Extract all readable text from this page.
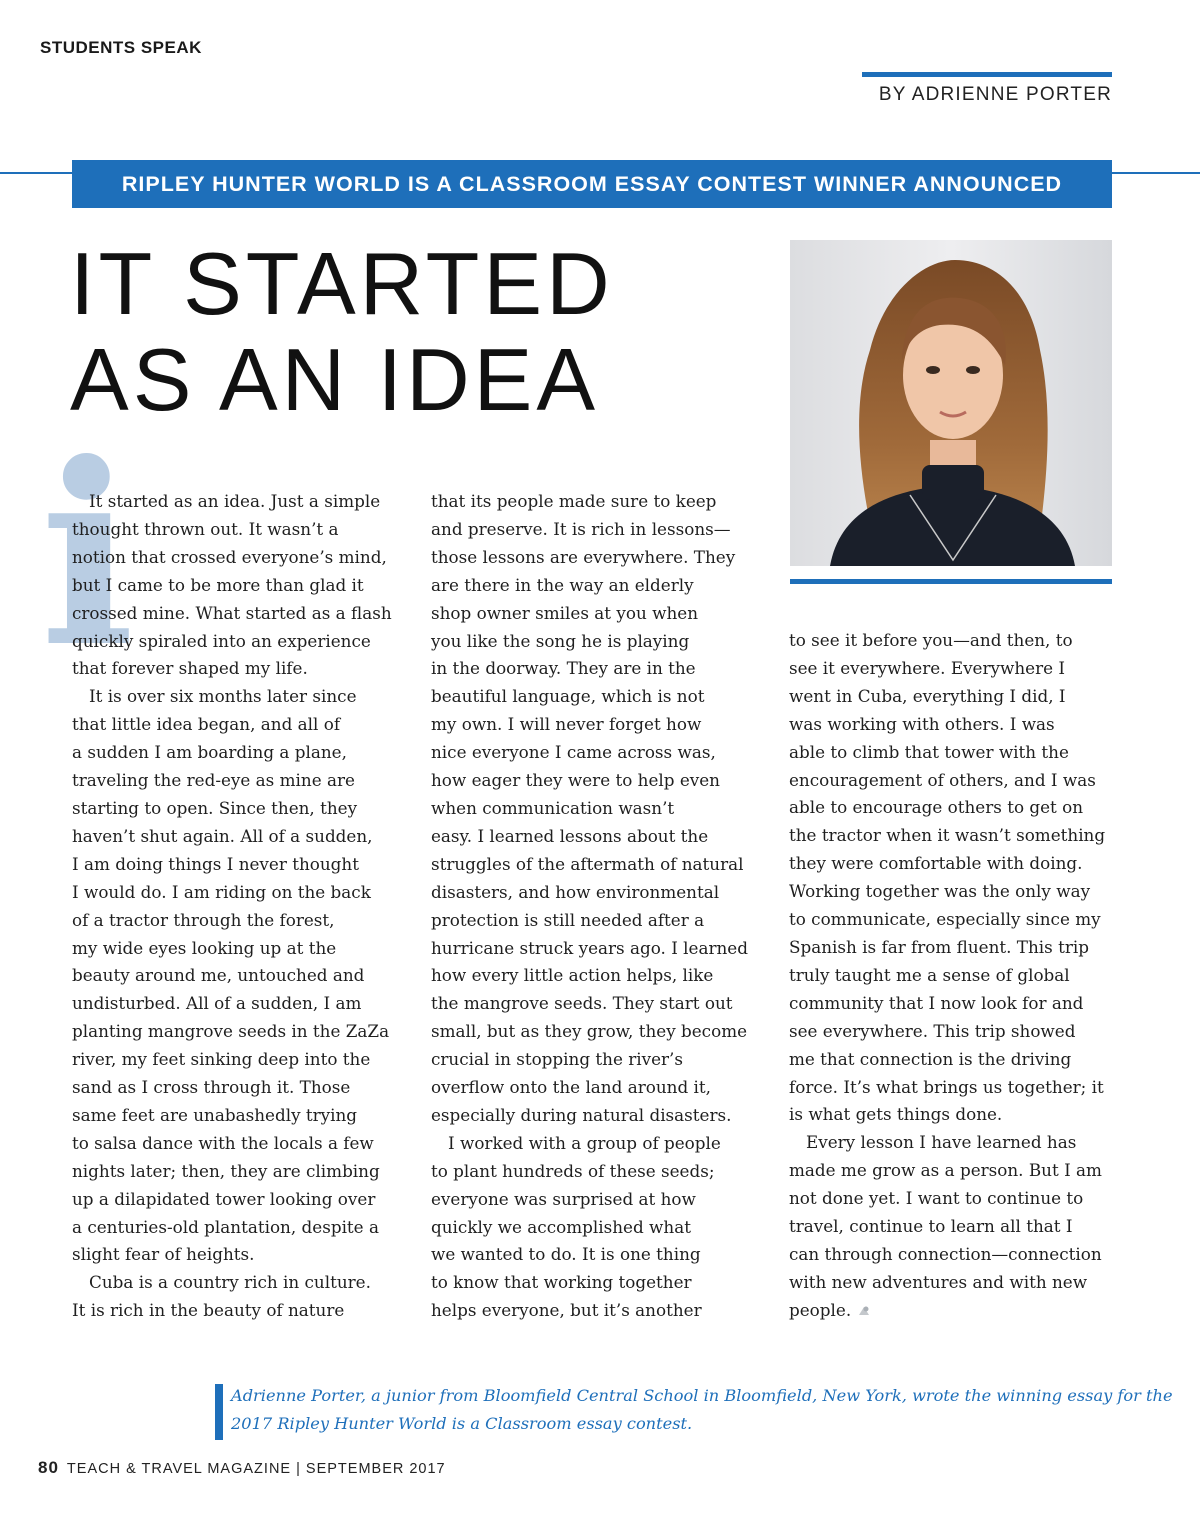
STUDENTS SPEAK
BY ADRIENNE PORTER
RIPLEY HUNTER WORLD IS A CLASSROOM ESSAY CONTEST WINNER ANNOUNCED
IT STARTED
AS AN IDEA
i
It started as an idea. Just a simple
thought thrown out. It wasn’t a
notion that crossed everyone’s mind,
but I came to be more than glad it
crossed mine. What started as a flash
quickly spiraled into an experience
that forever shaped my life.
It is over six months later since
that little idea began, and all of
a sudden I am boarding a plane,
traveling the red-eye as mine are
starting to open. Since then, they
haven’t shut again. All of a sudden,
I am doing things I never thought
I would do. I am riding on the back
of a tractor through the forest,
my wide eyes looking up at the
beauty around me, untouched and
undisturbed. All of a sudden, I am
planting mangrove seeds in the ZaZa
river, my feet sinking deep into the
sand as I cross through it. Those
same feet are unabashedly trying
to salsa dance with the locals a few
nights later; then, they are climbing
up a dilapidated tower looking over
a centuries-old plantation, despite a
slight fear of heights.
Cuba is a country rich in culture.
It is rich in the beauty of nature
that its people made sure to keep
and preserve. It is rich in lessons—
those lessons are everywhere. They
are there in the way an elderly
shop owner smiles at you when
you like the song he is playing
in the doorway. They are in the
beautiful language, which is not
my own. I will never forget how
nice everyone I came across was,
how eager they were to help even
when communication wasn’t
easy. I learned lessons about the
struggles of the aftermath of natural
disasters, and how environmental
protection is still needed after a
hurricane struck years ago. I learned
how every little action helps, like
the mangrove seeds. They start out
small, but as they grow, they become
crucial in stopping the river’s
overflow onto the land around it,
especially during natural disasters.
I worked with a group of people
to plant hundreds of these seeds;
everyone was surprised at how
quickly we accomplished what
we wanted to do. It is one thing
to know that working together
helps everyone, but it’s another
to see it before you—and then, to
see it everywhere. Everywhere I
went in Cuba, everything I did, I
was working with others. I was
able to climb that tower with the
encouragement of others, and I was
able to encourage others to get on
the tractor when it wasn’t something
they were comfortable with doing.
Working together was the only way
to communicate, especially since my
Spanish is far from fluent. This trip
truly taught me a sense of global
community that I now look for and
see everywhere. This trip showed
me that connection is the driving
force. It’s what brings us together; it
is what gets things done.
Every lesson I have learned has
made me grow as a person. But I am
not done yet. I want to continue to
travel, continue to learn all that I
can through connection—connection
with new adventures and with new
people.
Adrienne Porter, a junior from Bloomfield Central School in Bloomfield, New York, wrote the winning essay for the
2017 Ripley Hunter World is a Classroom essay contest.
80 TEACH & TRAVEL MAGAZINE | SEPTEMBER 2017
